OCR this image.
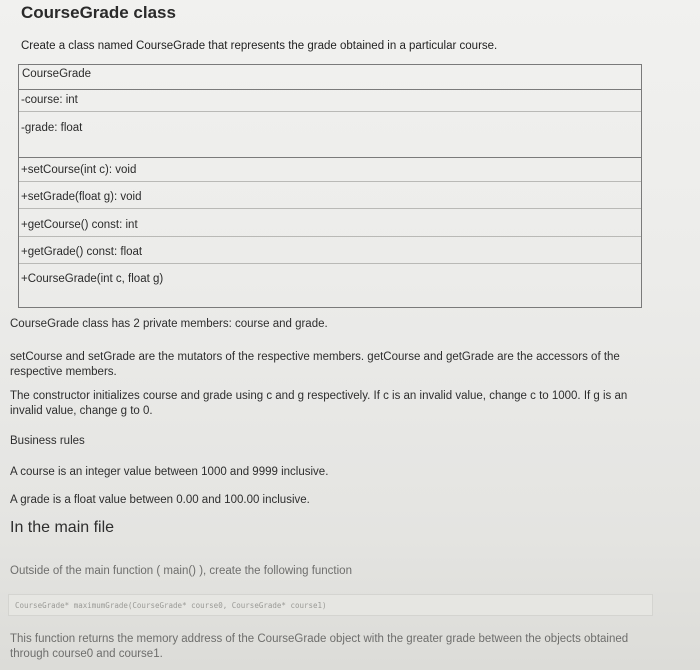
CourseGrade class
Create a class named CourseGrade that represents the grade obtained in a particular course.
CourseGrade
-course: int
-grade: float
+setCourse(int c): void
+setGrade(float g): void
+getCourse() const: int
+getGrade() const: float
+CourseGrade(int c, float g)
CourseGrade class has 2 private members: course and grade.
setCourse and setGrade are the mutators of the respective members. getCourse and getGrade are the accessors of the respective members.
The constructor initializes course and grade using c and g respectively. If c is an invalid value, change c to 1000. If g is an invalid value, change g to 0.
Business rules
A course is an integer value between 1000 and 9999 inclusive.
A grade is a float value between 0.00 and 100.00 inclusive.
In the main file
Outside of the main function ( main() ), create the following function
CourseGrade* maximumGrade(CourseGrade* course0, CourseGrade* course1)
This function returns the memory address of the CourseGrade object with the greater grade between the objects obtained through course0 and course1.
